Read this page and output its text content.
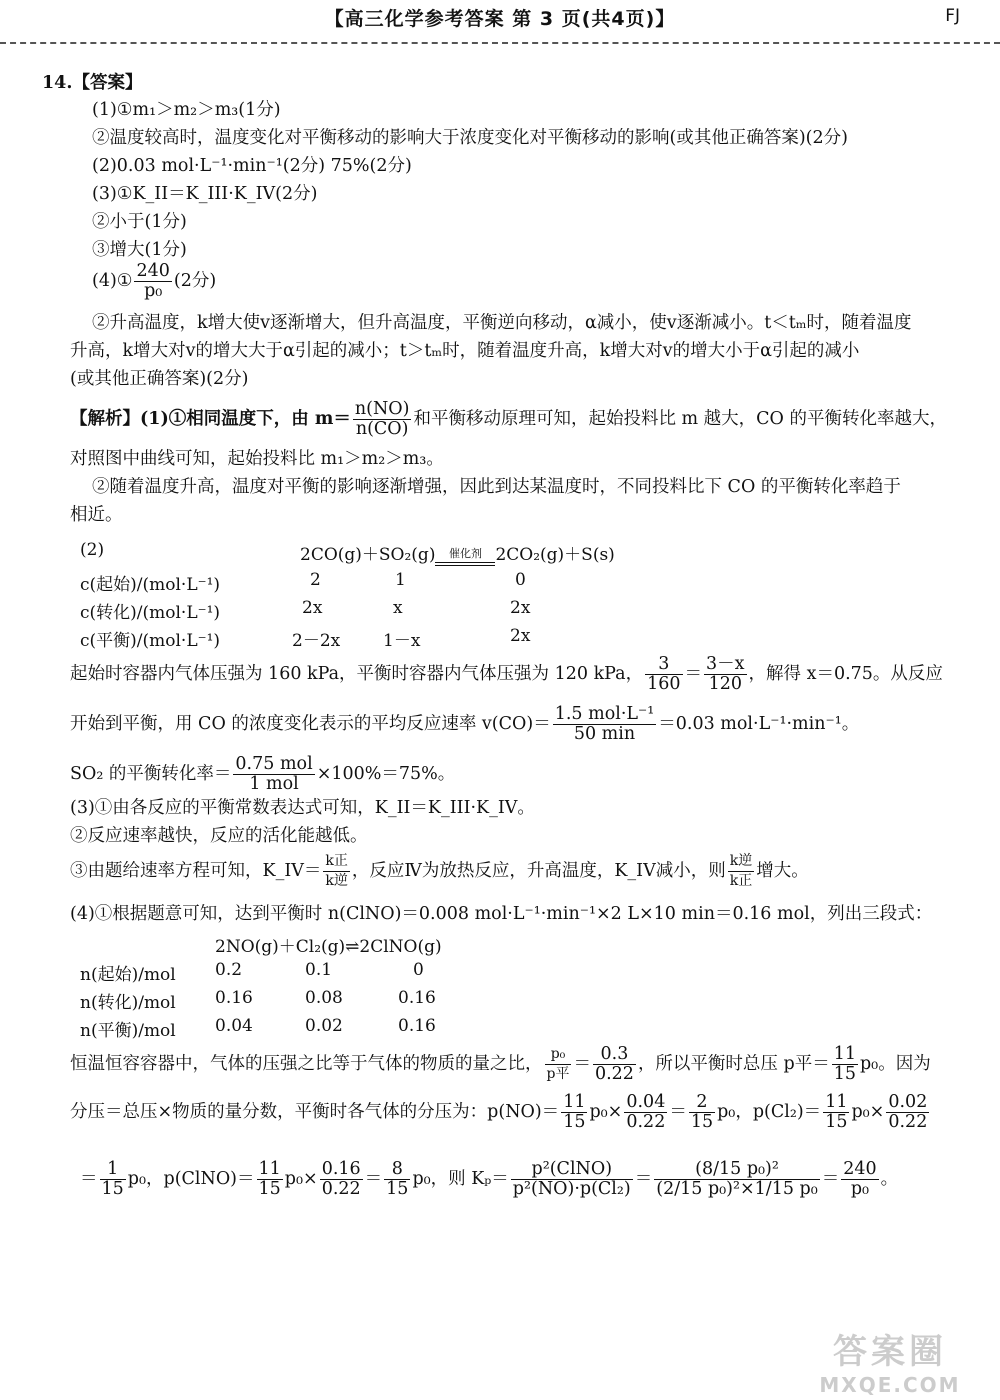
【高三化学参考答案 第 3 页(共4页)】	FJ
14.【答案】
(1)①m₁＞m₂＞m₃(1分)
②温度较高时，温度变化对平衡移动的影响大于浓度变化对平衡移动的影响(或其他正确答案)(2分)
(2)0.03 mol·L⁻¹·min⁻¹(2分) 75%(2分)
(3)①K_II＝K_III·K_IV(2分)
②小于(1分)
③增大(1分)
(4)① $\frac{240}{\text{p₀}} (2$分)
②升高温度，k增大使v逐渐增大，但升高温度，平衡逆向移动，α减小，使v逐渐减小。t＜tₘ时，随着温度
升高，k增大对v的增大大于α引起的减小；t＞tₘ时，随着温度升高，k增大对v的增大小于α引起的减小
(或其他正确答案)(2分)
【解析】(1)①相同温度下，由 $m= \frac{n(NO)}{n(CO)}$ 和平衡移动原理可知，起始投料比 m 越大，CO 的平衡转化率越大，
对照图中曲线可知，起始投料比 m₁＞m₂＞m₃。
②随着温度升高，温度对平衡的影响逐渐增强，因此到达某温度时，不同投料比下 CO 的平衡转化率趋于
相近。
(2)	2CO(g)＋SO₂(g) 催化剂 2CO₂(g)＋S(s)
c(起始)/(mol·L⁻¹)	2	1	0
c(转化)/(mol·L⁻¹)	2x	x	2x
c(平衡)/(mol·L⁻¹)	2－2x	1－x	2x
起始时容器内气体压强为 160 kPa，平衡时容器内气体压强为 120 kPa， $\frac{3}{160} = \frac{3-x}{120}$ ，解得 x＝0.75。从反应
开始到平衡，用 CO 的浓度变化表示的平均反应速率 $v(CO)= \frac{\text{1.5 mol·L⁻¹}}{50 \min} =0.03$ mol·L⁻¹·min⁻¹。
SO₂ 的平衡转化率＝ $\frac{\text{0.75 mol}}{\text{1 mol}} \times 100\%=75\%$。
(3)①由各反应的平衡常数表达式可知，K_II＝K_III·K_IV。
②反应速率越快，反应的活化能越低。
③由题给速率方程可知，K_IV＝ $\frac{\text{k正}}{\text{k逆}}$ ，反应Ⅳ为放热反应，升高温度，K_IV减小，则 $\frac{\text{k逆}}{\text{k正}}$ 增大。
(4)①根据题意可知，达到平衡时 n(ClNO)＝0.008 mol·L⁻¹·min⁻¹×2 L×10 min＝0.16 mol，列出三段式：
2NO(g)＋Cl₂(g)⇌2ClNO(g)
n(起始)/mol 0.2	0.1	0
n(转化)/mol 0.16	0.08	0.16
n(平衡)/mol 0.04	0.02	0.16
恒温恒容容器中，气体的压强之比等于气体的物质的量之比， $\frac{\text{p₀}}{\text{p平}} = \frac{0.3}{0.22}$ ，所以平衡时总压 p平＝ $\frac{11}{15} p_0$。因为
分压＝总压×物质的量分数，平衡时各气体的分压为：$p(NO)= \frac{11}{15} p_0\times \frac{0.04}{0.22} = \frac{2}{15} p_0$，$p(Cl_2)= \frac{11}{15} p_0\times \frac{0.02}{0.22}$
＝ $\frac{1}{15} p_0$，p(ClNO)＝ $\frac{11}{15} p_0\times \frac{0.16}{0.22} = \frac{8}{15} p_0$，则 $K_p= \frac{\text{p²(ClNO)}}{\text{p²(NO)·p(Cl₂)}} = \frac{\text{(8/15 p₀)²}}{\text{(2/15 p₀)²×1/15 p₀}} = \frac{240}{\text{p₀}}$ 。
答案圈
MXQE.COM
